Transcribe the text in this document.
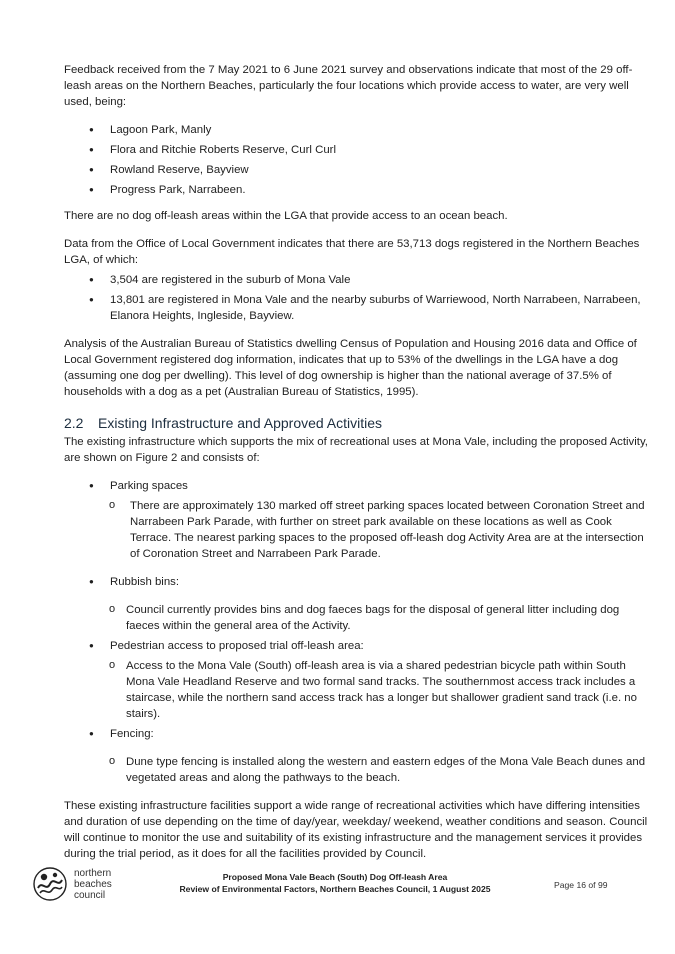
Feedback received from the 7 May 2021 to 6 June 2021 survey and observations indicate that most of the 29 off-leash areas on the Northern Beaches, particularly the four locations which provide access to water, are very well used, being:

● Lagoon Park, Manly
● Flora and Ritchie Roberts Reserve, Curl Curl
● Rowland Reserve, Bayview
● Progress Park, Narrabeen.

There are no dog off-leash areas within the LGA that provide access to an ocean beach.

Data from the Office of Local Government indicates that there are 53,713 dogs registered in the Northern Beaches LGA, of which:

● 3,504 are registered in the suburb of Mona Vale
● 13,801 are registered in Mona Vale and the nearby suburbs of Warriewood, North Narrabeen, Narrabeen, Elanora Heights, Ingleside, Bayview.

Analysis of the Australian Bureau of Statistics dwelling Census of Population and Housing 2016 data and Office of Local Government registered dog information, indicates that up to 53% of the dwellings in the LGA have a dog (assuming one dog per dwelling). This level of dog ownership is higher than the national average of 37.5% of households with a dog as a pet (Australian Bureau of Statistics, 1995).

2.2 Existing Infrastructure and Approved Activities

The existing infrastructure which supports the mix of recreational uses at Mona Vale, including the proposed Activity, are shown on Figure 2 and consists of:

● Parking spaces
o There are approximately 130 marked off street parking spaces located between Coronation Street and Narrabeen Park Parade, with further on street park available on these locations as well as Cook Terrace. The nearest parking spaces to the proposed off-leash dog Activity Area are at the intersection of Coronation Street and Narrabeen Park Parade.
● Rubbish bins:
o Council currently provides bins and dog faeces bags for the disposal of general litter including dog faeces within the general area of the Activity.
● Pedestrian access to proposed trial off-leash area:
o Access to the Mona Vale (South) off-leash area is via a shared pedestrian bicycle path within South Mona Vale Headland Reserve and two formal sand tracks. The southernmost access track includes a staircase, while the northern sand access track has a longer but shallower gradient sand track (i.e. no stairs).
● Fencing:
o Dune type fencing is installed along the western and eastern edges of the Mona Vale Beach dunes and vegetated areas and along the pathways to the beach.

These existing infrastructure facilities support a wide range of recreational activities which have differing intensities and duration of use depending on the time of day/year, weekday/ weekend, weather conditions and season. Council will continue to monitor the use and suitability of its existing infrastructure and the management services it provides during the trial period, as it does for all the facilities provided by Council.

northern
beaches
council
Proposed Mona Vale Beach (South) Dog Off-leash Area
Review of Environmental Factors, Northern Beaches Council, 1 August 2025	Page 16 of 99
